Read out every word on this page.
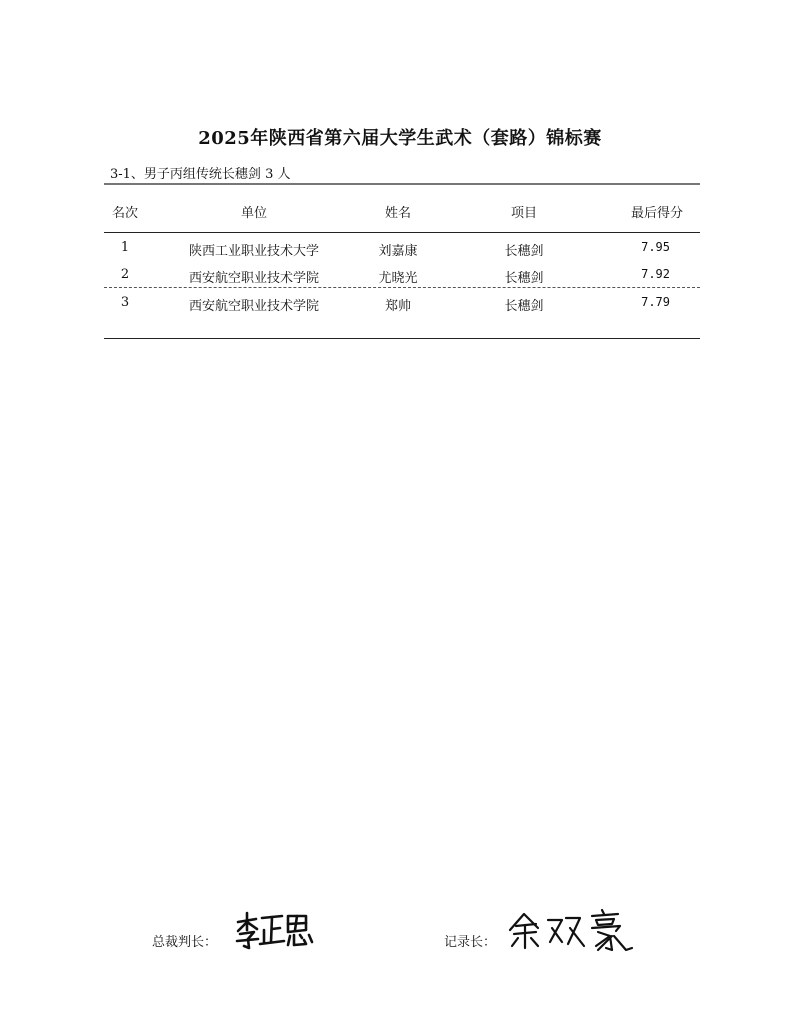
2025年陕西省第六届大学生武术（套路）锦标赛
3-1、男子丙组传统长穗剑 3 人
名次	单位	姓名	项目	最后得分
1	陕西工业职业技术大学	刘嘉康	长穗剑	7.95
2	西安航空职业技术学院	尤晓光	长穗剑	7.92
3	西安航空职业技术学院	郑帅	长穗剑	7.79
总裁判长：	记录长：
